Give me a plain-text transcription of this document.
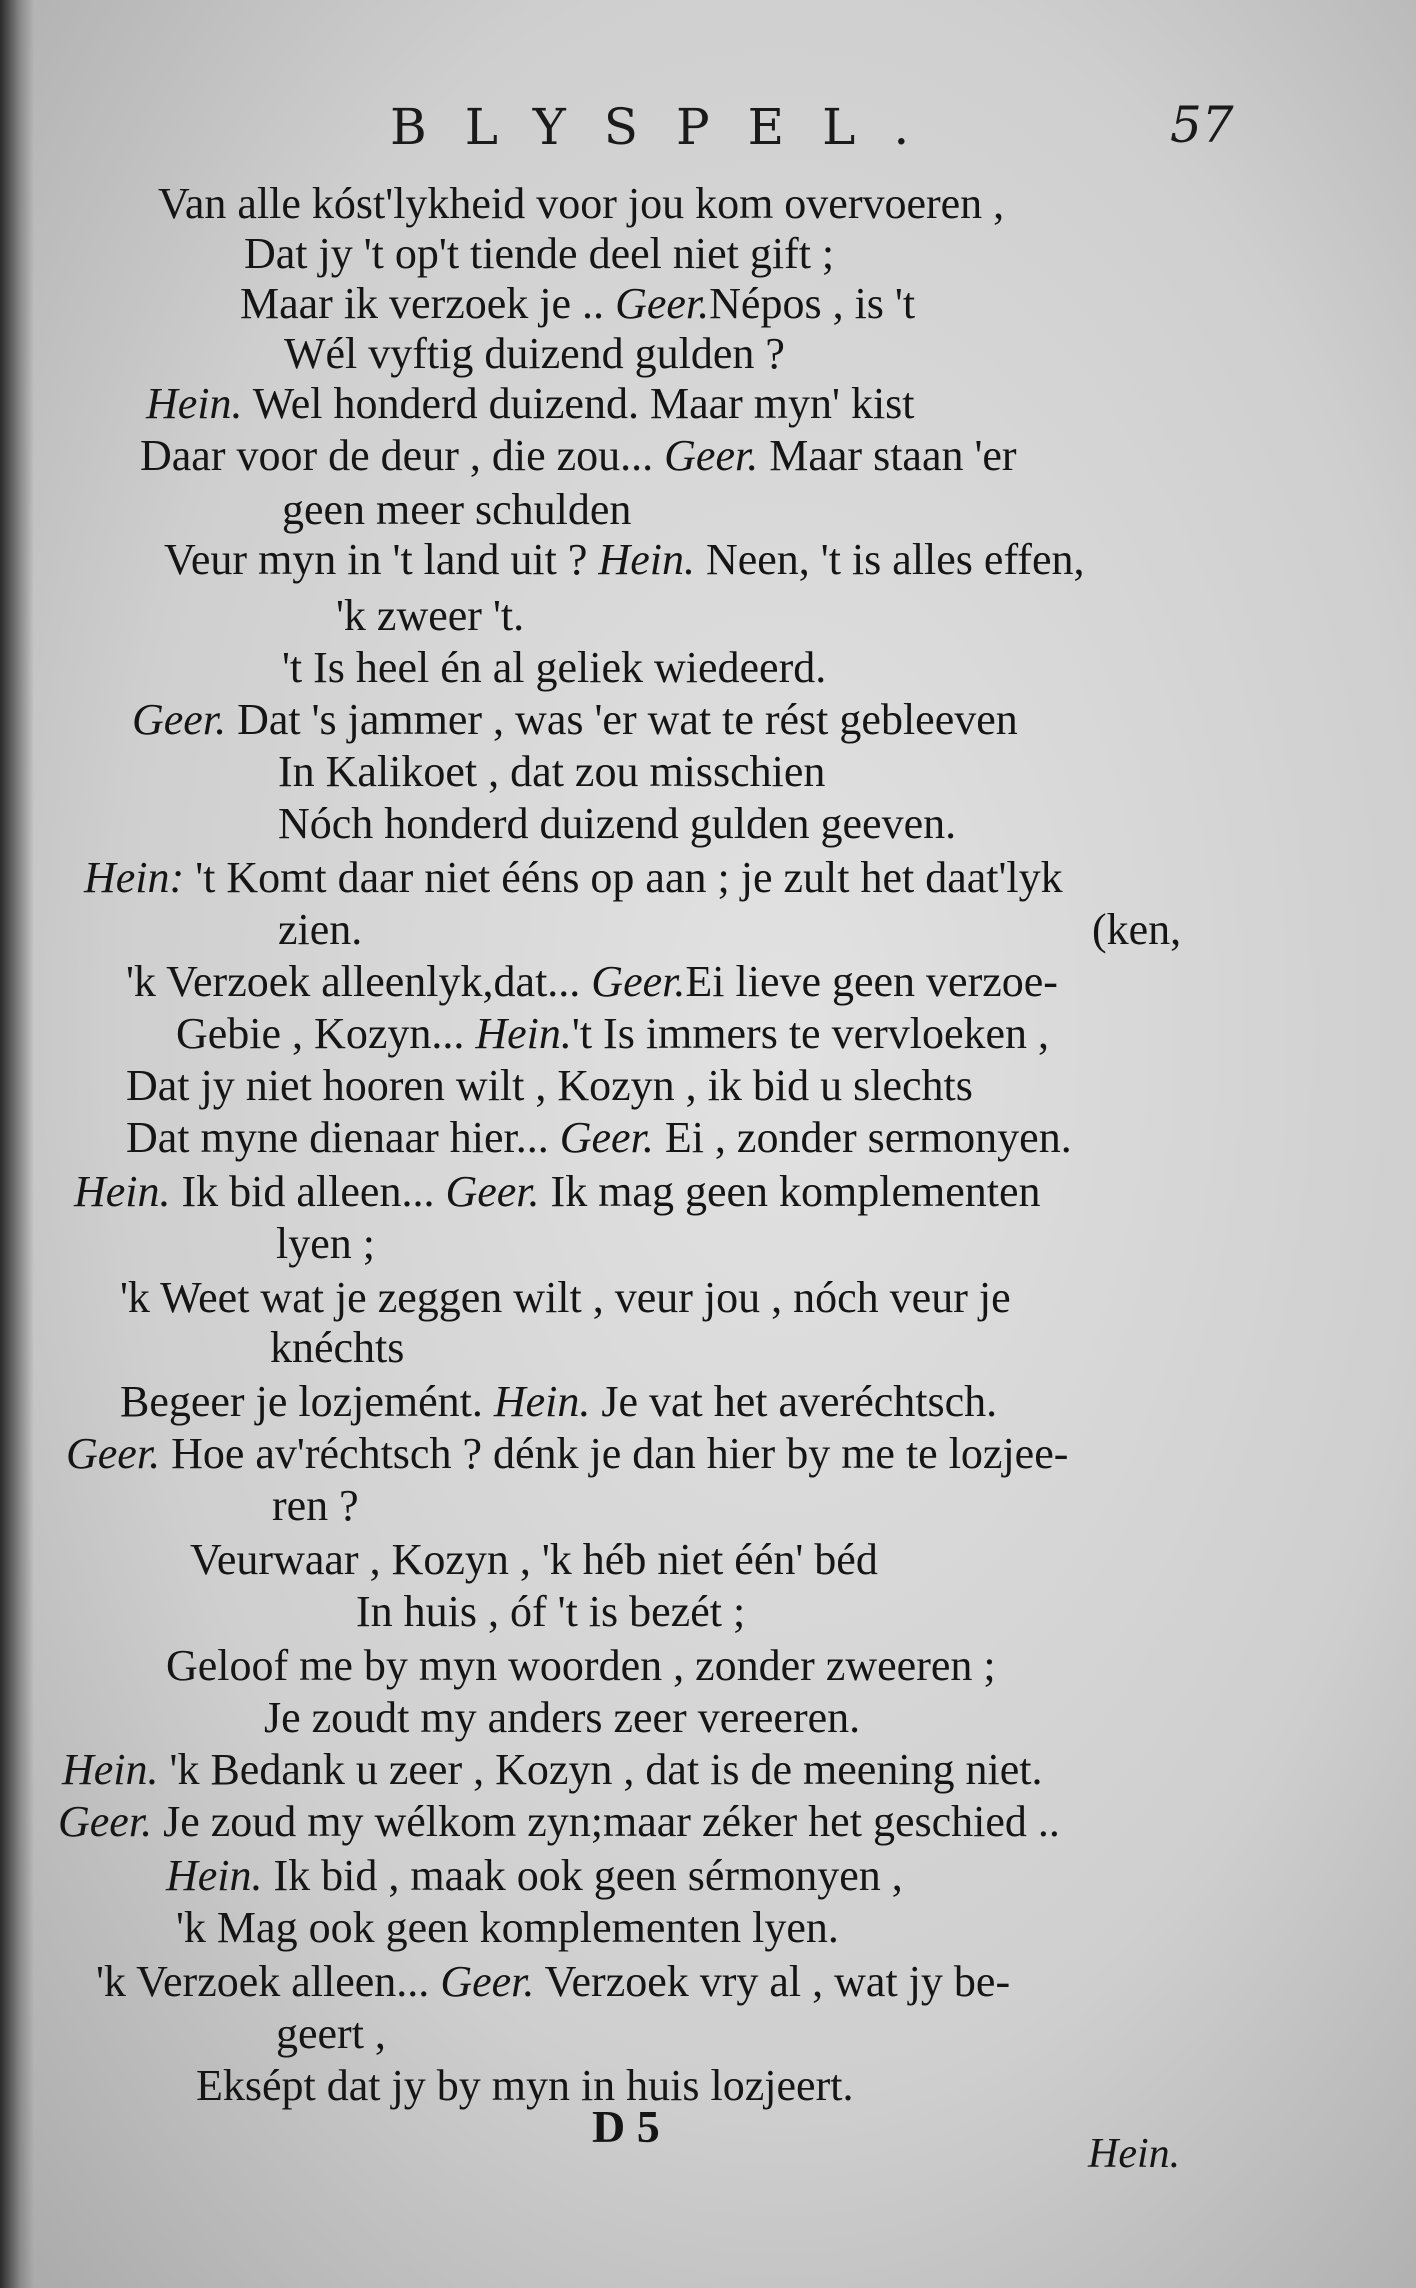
BLYSPEL.	57
Van alle kóst'lykheid voor jou kom overvoeren ,
Dat jy 't op't tiende deel niet gift ;
Maar ik verzoek je .. Geer.Népos , is 't
Wél vyftig duizend gulden ?
Hein. Wel honderd duizend. Maar myn' kist
Daar voor de deur , die zou... Geer. Maar staan 'er
geen meer schulden
Veur myn in 't land uit ? Hein. Neen, 't is alles effen,
'k zweer 't.
't Is heel én al geliek wiedeerd.
Geer. Dat 's jammer , was 'er wat te rést gebleeven
In Kalikoet , dat zou misschien
Nóch honderd duizend gulden geeven.
Hein: 't Komt daar niet ééns op aan ; je zult het daat'lyk
zien.	(ken,
'k Verzoek alleenlyk,dat... Geer.Ei lieve geen verzoe-
Gebie , Kozyn... Hein.'t Is immers te vervloeken ,
Dat jy niet hooren wilt , Kozyn , ik bid u slechts
Dat myne dienaar hier... Geer. Ei , zonder sermonyen.
Hein. Ik bid alleen... Geer. Ik mag geen komplementen
lyen ;
'k Weet wat je zeggen wilt , veur jou , nóch veur je
knéchts
Begeer je lozjemént. Hein. Je vat het averéchtsch.
Geer. Hoe av'réchtsch ? dénk je dan hier by me te lozjee-
ren ?
Veurwaar , Kozyn , 'k héb niet één' béd
In huis , óf 't is bezét ;
Geloof me by myn woorden , zonder zweeren ;
Je zoudt my anders zeer vereeren.
Hein. 'k Bedank u zeer , Kozyn , dat is de meening niet.
Geer. Je zoud my wélkom zyn;maar zéker het geschied ..
Hein. Ik bid , maak ook geen sérmonyen ,
'k Mag ook geen komplementen lyen.
'k Verzoek alleen... Geer. Verzoek vry al , wat jy be-
geert ,
Eksépt dat jy by myn in huis lozjeert.
D 5
Hein.
